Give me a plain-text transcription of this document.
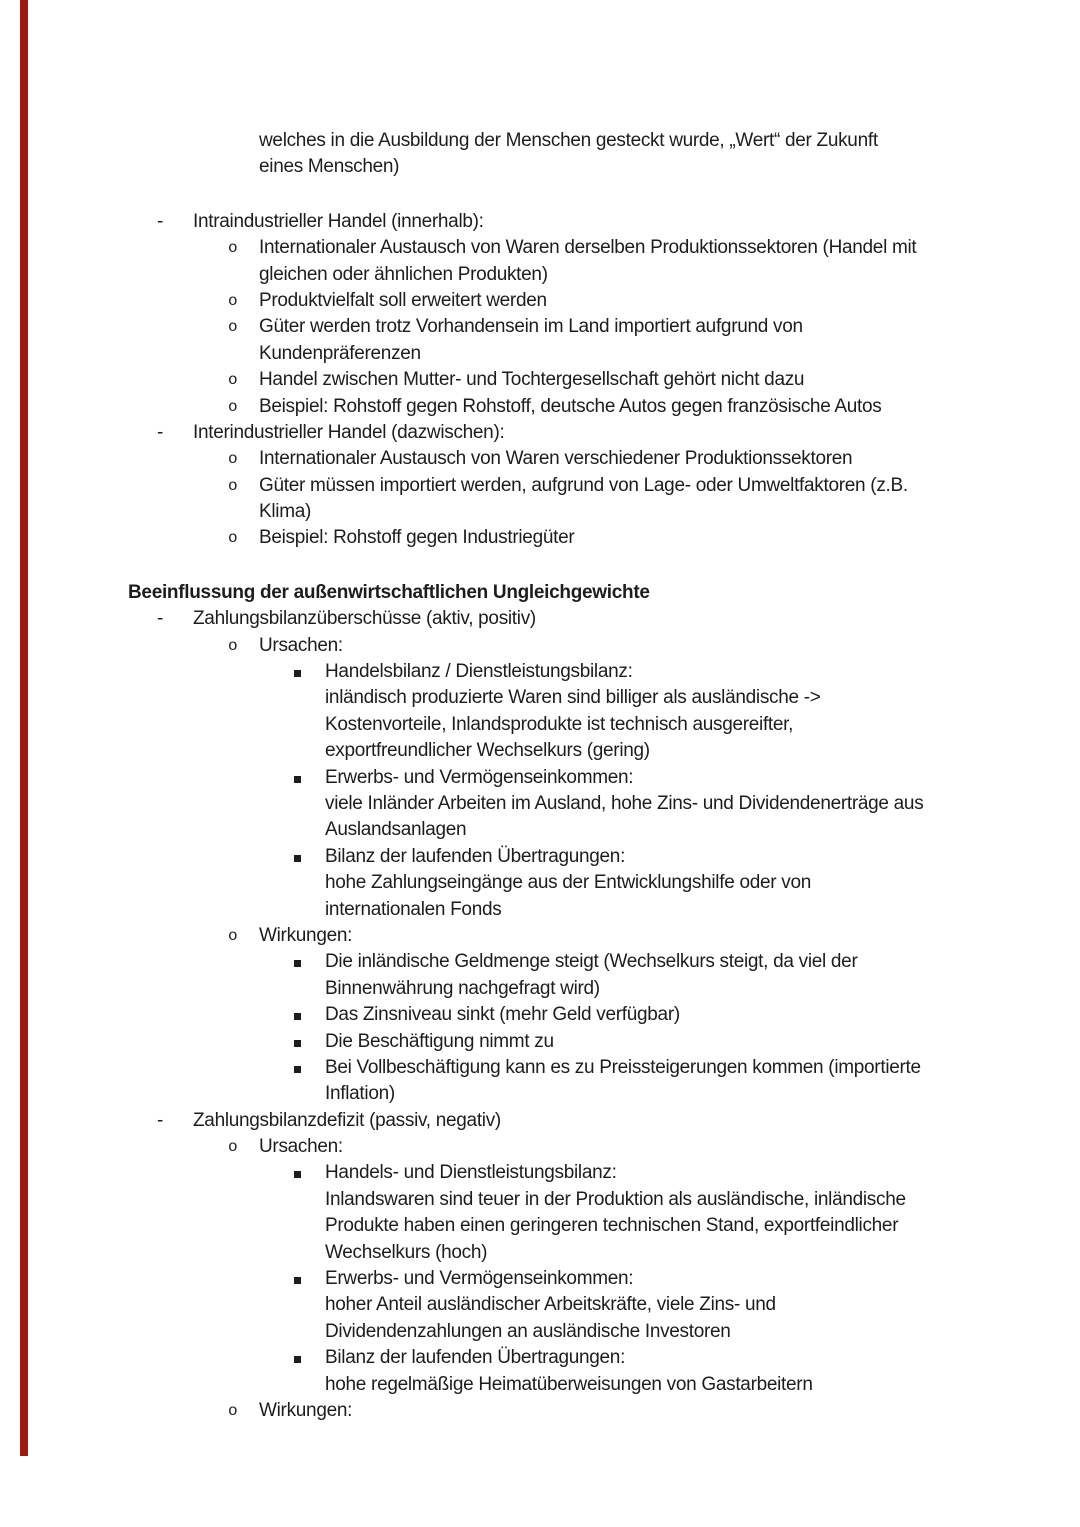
welches in die Ausbildung der Menschen gesteckt wurde, „Wert“ der Zukunft
eines Menschen)
- Intraindustrieller Handel (innerhalb):
o Internationaler Austausch von Waren derselben Produktionssektoren (Handel mit
gleichen oder ähnlichen Produkten)
o Produktvielfalt soll erweitert werden
o Güter werden trotz Vorhandensein im Land importiert aufgrund von
Kundenpräferenzen
o Handel zwischen Mutter- und Tochtergesellschaft gehört nicht dazu
o Beispiel: Rohstoff gegen Rohstoff, deutsche Autos gegen französische Autos
- Interindustrieller Handel (dazwischen):
o Internationaler Austausch von Waren verschiedener Produktionssektoren
o Güter müssen importiert werden, aufgrund von Lage- oder Umweltfaktoren (z.B.
Klima)
o Beispiel: Rohstoff gegen Industriegüter
Beeinflussung der außenwirtschaftlichen Ungleichgewichte
- Zahlungsbilanzüberschüsse (aktiv, positiv)
o Ursachen:
Handelsbilanz / Dienstleistungsbilanz:
inländisch produzierte Waren sind billiger als ausländische ->
Kostenvorteile, Inlandsprodukte ist technisch ausgereifter,
exportfreundlicher Wechselkurs (gering)
Erwerbs- und Vermögenseinkommen:
viele Inländer Arbeiten im Ausland, hohe Zins- und Dividendenerträge aus
Auslandsanlagen
Bilanz der laufenden Übertragungen:
hohe Zahlungseingänge aus der Entwicklungshilfe oder von
internationalen Fonds
o Wirkungen:
Die inländische Geldmenge steigt (Wechselkurs steigt, da viel der
Binnenwährung nachgefragt wird)
Das Zinsniveau sinkt (mehr Geld verfügbar)
Die Beschäftigung nimmt zu
Bei Vollbeschäftigung kann es zu Preissteigerungen kommen (importierte
Inflation)
- Zahlungsbilanzdefizit (passiv, negativ)
o Ursachen:
Handels- und Dienstleistungsbilanz:
Inlandswaren sind teuer in der Produktion als ausländische, inländische
Produkte haben einen geringeren technischen Stand, exportfeindlicher
Wechselkurs (hoch)
Erwerbs- und Vermögenseinkommen:
hoher Anteil ausländischer Arbeitskräfte, viele Zins- und
Dividendenzahlungen an ausländische Investoren
Bilanz der laufenden Übertragungen:
hohe regelmäßige Heimatüberweisungen von Gastarbeitern
o Wirkungen:
